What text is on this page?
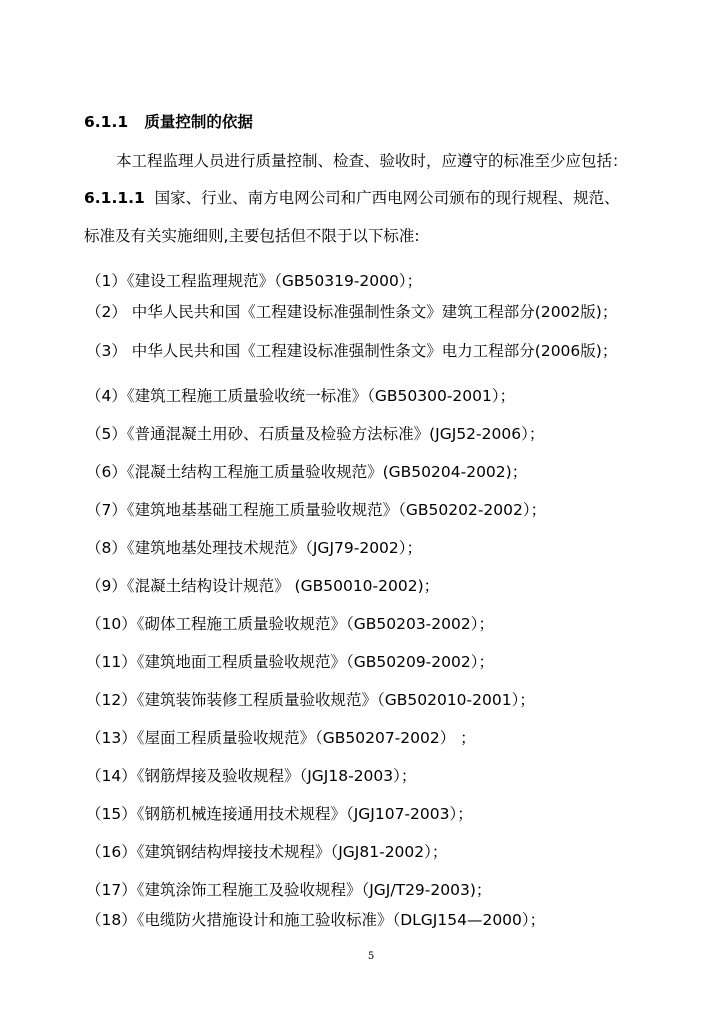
6.1.1 质量控制的依据
本工程监理人员进行质量控制、检查、验收时，应遵守的标准至少应包括：
6.1.1.1 国家、行业、南方电网公司和广西电网公司颁布的现行规程、规范、
标准及有关实施细则,主要包括但不限于以下标准:
（1）《建设工程监理规范》（GB50319-2000）；
（2） 中华人民共和国《工程建设标准强制性条文》建筑工程部分(2002版)；
（3） 中华人民共和国《工程建设标准强制性条文》电力工程部分(2006版)；
（4）《建筑工程施工质量验收统一标准》（GB50300-2001）；
（5）《普通混凝土用砂、石质量及检验方法标准》(JGJ52-2006）；
（6）《混凝土结构工程施工质量验收规范》(GB50204-2002)；
（7）《建筑地基基础工程施工质量验收规范》（GB50202-2002）；
（8）《建筑地基处理技术规范》（JGJ79-2002）；
（9）《混凝土结构设计规范》 (GB50010-2002)；
（10）《砌体工程施工质量验收规范》（GB50203-2002）；
（11）《建筑地面工程质量验收规范》（GB50209-2002）；
（12）《建筑装饰装修工程质量验收规范》（GB502010-2001）；
（13）《屋面工程质量验收规范》（GB50207-2002） ；
（14）《钢筋焊接及验收规程》（JGJ18-2003）；
（15）《钢筋机械连接通用技术规程》（JGJ107-2003）；
（16）《建筑钢结构焊接技术规程》（JGJ81-2002）；
（17）《建筑涂饰工程施工及验收规程》（JGJ/T29-2003)；
（18）《电缆防火措施设计和施工验收标准》（DLGJ154—2000）；
5
